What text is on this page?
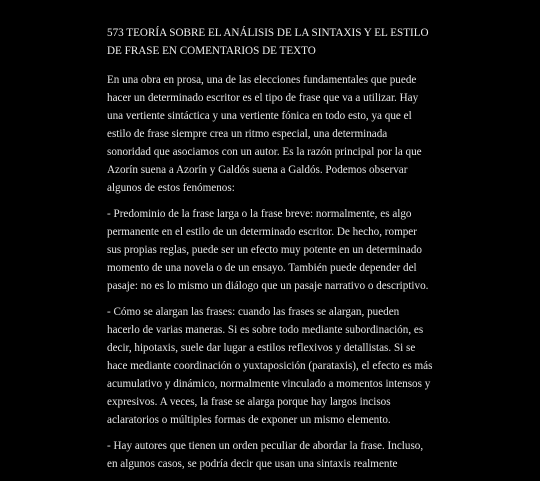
573 TEORÍA SOBRE EL ANÁLISIS DE LA SINTAXIS Y EL ESTILO DE FRASE EN COMENTARIOS DE TEXTO

En una obra en prosa, una de las elecciones fundamentales que puede hacer un determinado escritor es el tipo de frase que va a utilizar. Hay una vertiente sintáctica y una vertiente fónica en todo esto, ya que el estilo de frase siempre crea un ritmo especial, una determinada sonoridad que asociamos con un autor. Es la razón principal por la que Azorín suena a Azorín y Galdós suena a Galdós. Podemos observar algunos de estos fenómenos:

- Predominio de la frase larga o la frase breve: normalmente, es algo permanente en el estilo de un determinado escritor. De hecho, romper sus propias reglas, puede ser un efecto muy potente en un determinado momento de una novela o de un ensayo. También puede depender del pasaje: no es lo mismo un diálogo que un pasaje narrativo o descriptivo.

- Cómo se alargan las frases: cuando las frases se alargan, pueden hacerlo de varias maneras. Si es sobre todo mediante subordinación, es decir, hipotaxis, suele dar lugar a estilos reflexivos y detallistas. Si se hace mediante coordinación o yuxtaposición (parataxis), el efecto es más acumulativo y dinámico, normalmente vinculado a momentos intensos y expresivos. A veces, la frase se alarga porque hay largos incisos aclaratorios o múltiples formas de exponer un mismo elemento.

- Hay autores que tienen un orden peculiar de abordar la frase. Incluso, en algunos casos, se podría decir que usan una sintaxis realmente
